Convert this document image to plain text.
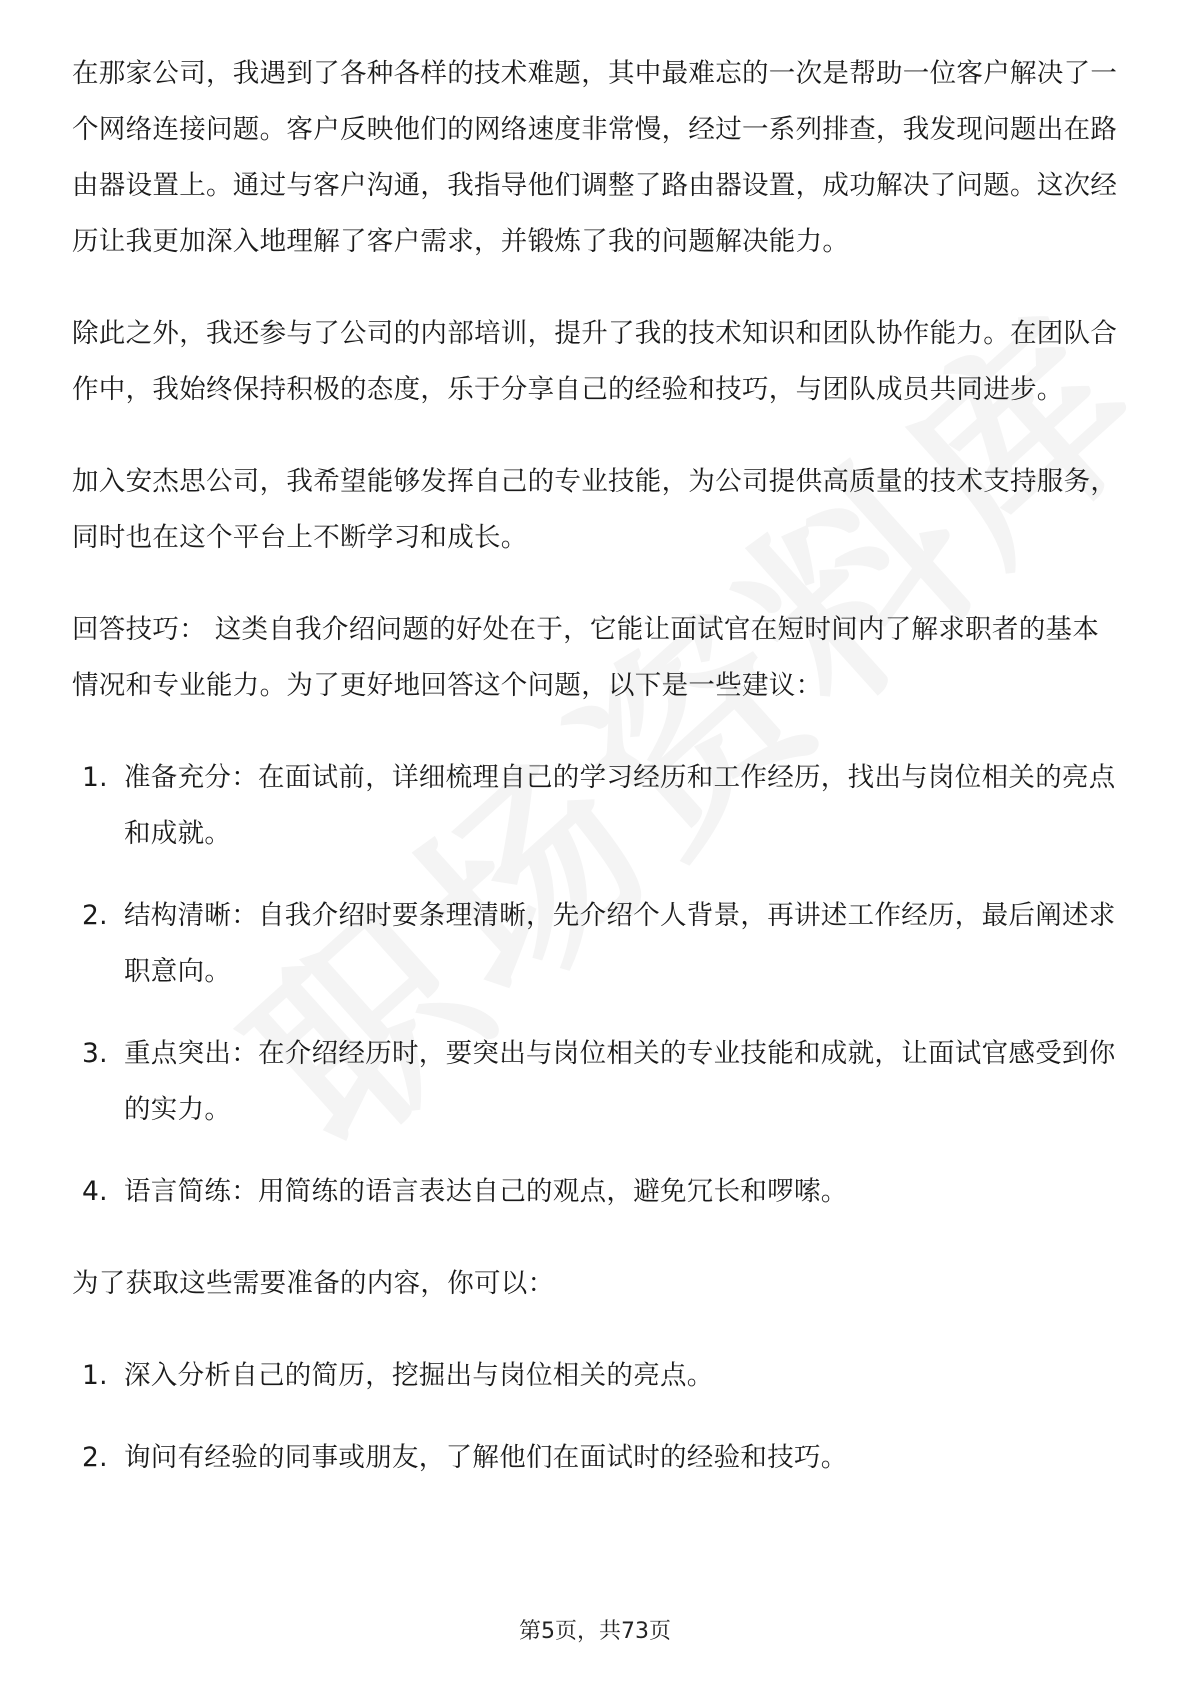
在那家公司，我遇到了各种各样的技术难题，其中最难忘的一次是帮助一位客户解决了一个网络连接问题。客户反映他们的网络速度非常慢，经过一系列排查，我发现问题出在路由器设置上。通过与客户沟通，我指导他们调整了路由器设置，成功解决了问题。这次经历让我更加深入地理解了客户需求，并锻炼了我的问题解决能力。

除此之外，我还参与了公司的内部培训，提升了我的技术知识和团队协作能力。在团队合作中，我始终保持积极的态度，乐于分享自己的经验和技巧，与团队成员共同进步。

加入安杰思公司，我希望能够发挥自己的专业技能，为公司提供高质量的技术支持服务，同时也在这个平台上不断学习和成长。

回答技巧： 这类自我介绍问题的好处在于，它能让面试官在短时间内了解求职者的基本情况和专业能力。为了更好地回答这个问题，以下是一些建议：

1. 准备充分：在面试前，详细梳理自己的学习经历和工作经历，找出与岗位相关的亮点和成就。
2. 结构清晰：自我介绍时要条理清晰，先介绍个人背景，再讲述工作经历，最后阐述求职意向。
3. 重点突出：在介绍经历时，要突出与岗位相关的专业技能和成就，让面试官感受到你的实力。
4. 语言简练：用简练的语言表达自己的观点，避免冗长和啰嗦。

为了获取这些需要准备的内容，你可以：

1. 深入分析自己的简历，挖掘出与岗位相关的亮点。
2. 询问有经验的同事或朋友，了解他们在面试时的经验和技巧。
第5页，共73页
